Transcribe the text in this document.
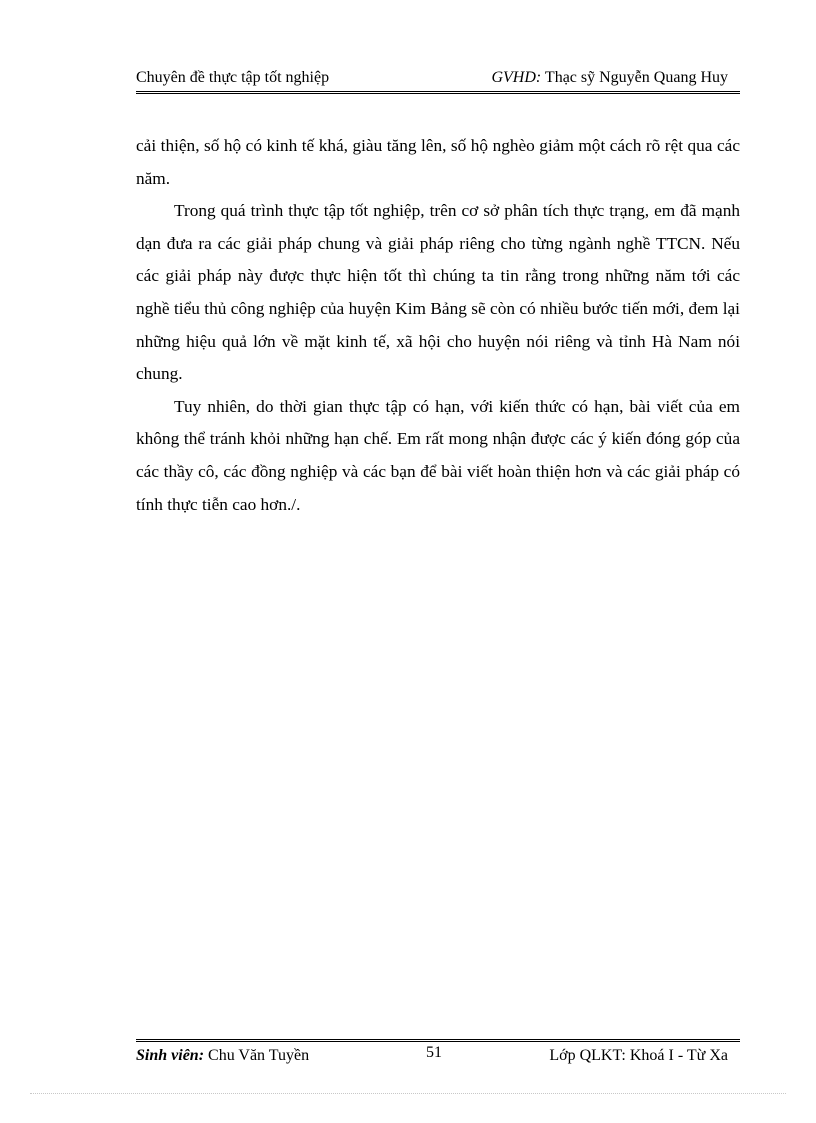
Chuyên đề thực tập tốt nghiệp	GVHD: Thạc sỹ Nguyễn Quang Huy

cải thiện, số hộ có kinh tế khá, giàu tăng lên, số hộ nghèo giảm một cách rõ rệt qua các năm.

Trong quá trình thực tập tốt nghiệp, trên cơ sở phân tích thực trạng, em đã mạnh dạn đưa ra các giải pháp chung và giải pháp riêng cho từng ngành nghề TTCN. Nếu các giải pháp này được thực hiện tốt thì chúng ta tin rằng trong những năm tới các nghề tiểu thủ công nghiệp của huyện Kim Bảng sẽ còn có nhiều bước tiến mới, đem lại những hiệu quả lớn về mặt kinh tế, xã hội cho huyện nói riêng và tỉnh Hà Nam nói chung.

Tuy nhiên, do thời gian thực tập có hạn, với kiến thức có hạn, bài viết của em không thể tránh khỏi những hạn chế. Em rất mong nhận được các ý kiến đóng góp của các thầy cô, các đồng nghiệp và các bạn để bài viết hoàn thiện hơn và các giải pháp có tính thực tiễn cao hơn./.

Sinh viên: Chu Văn Tuyền	51	Lớp QLKT: Khoá I - Từ Xa
